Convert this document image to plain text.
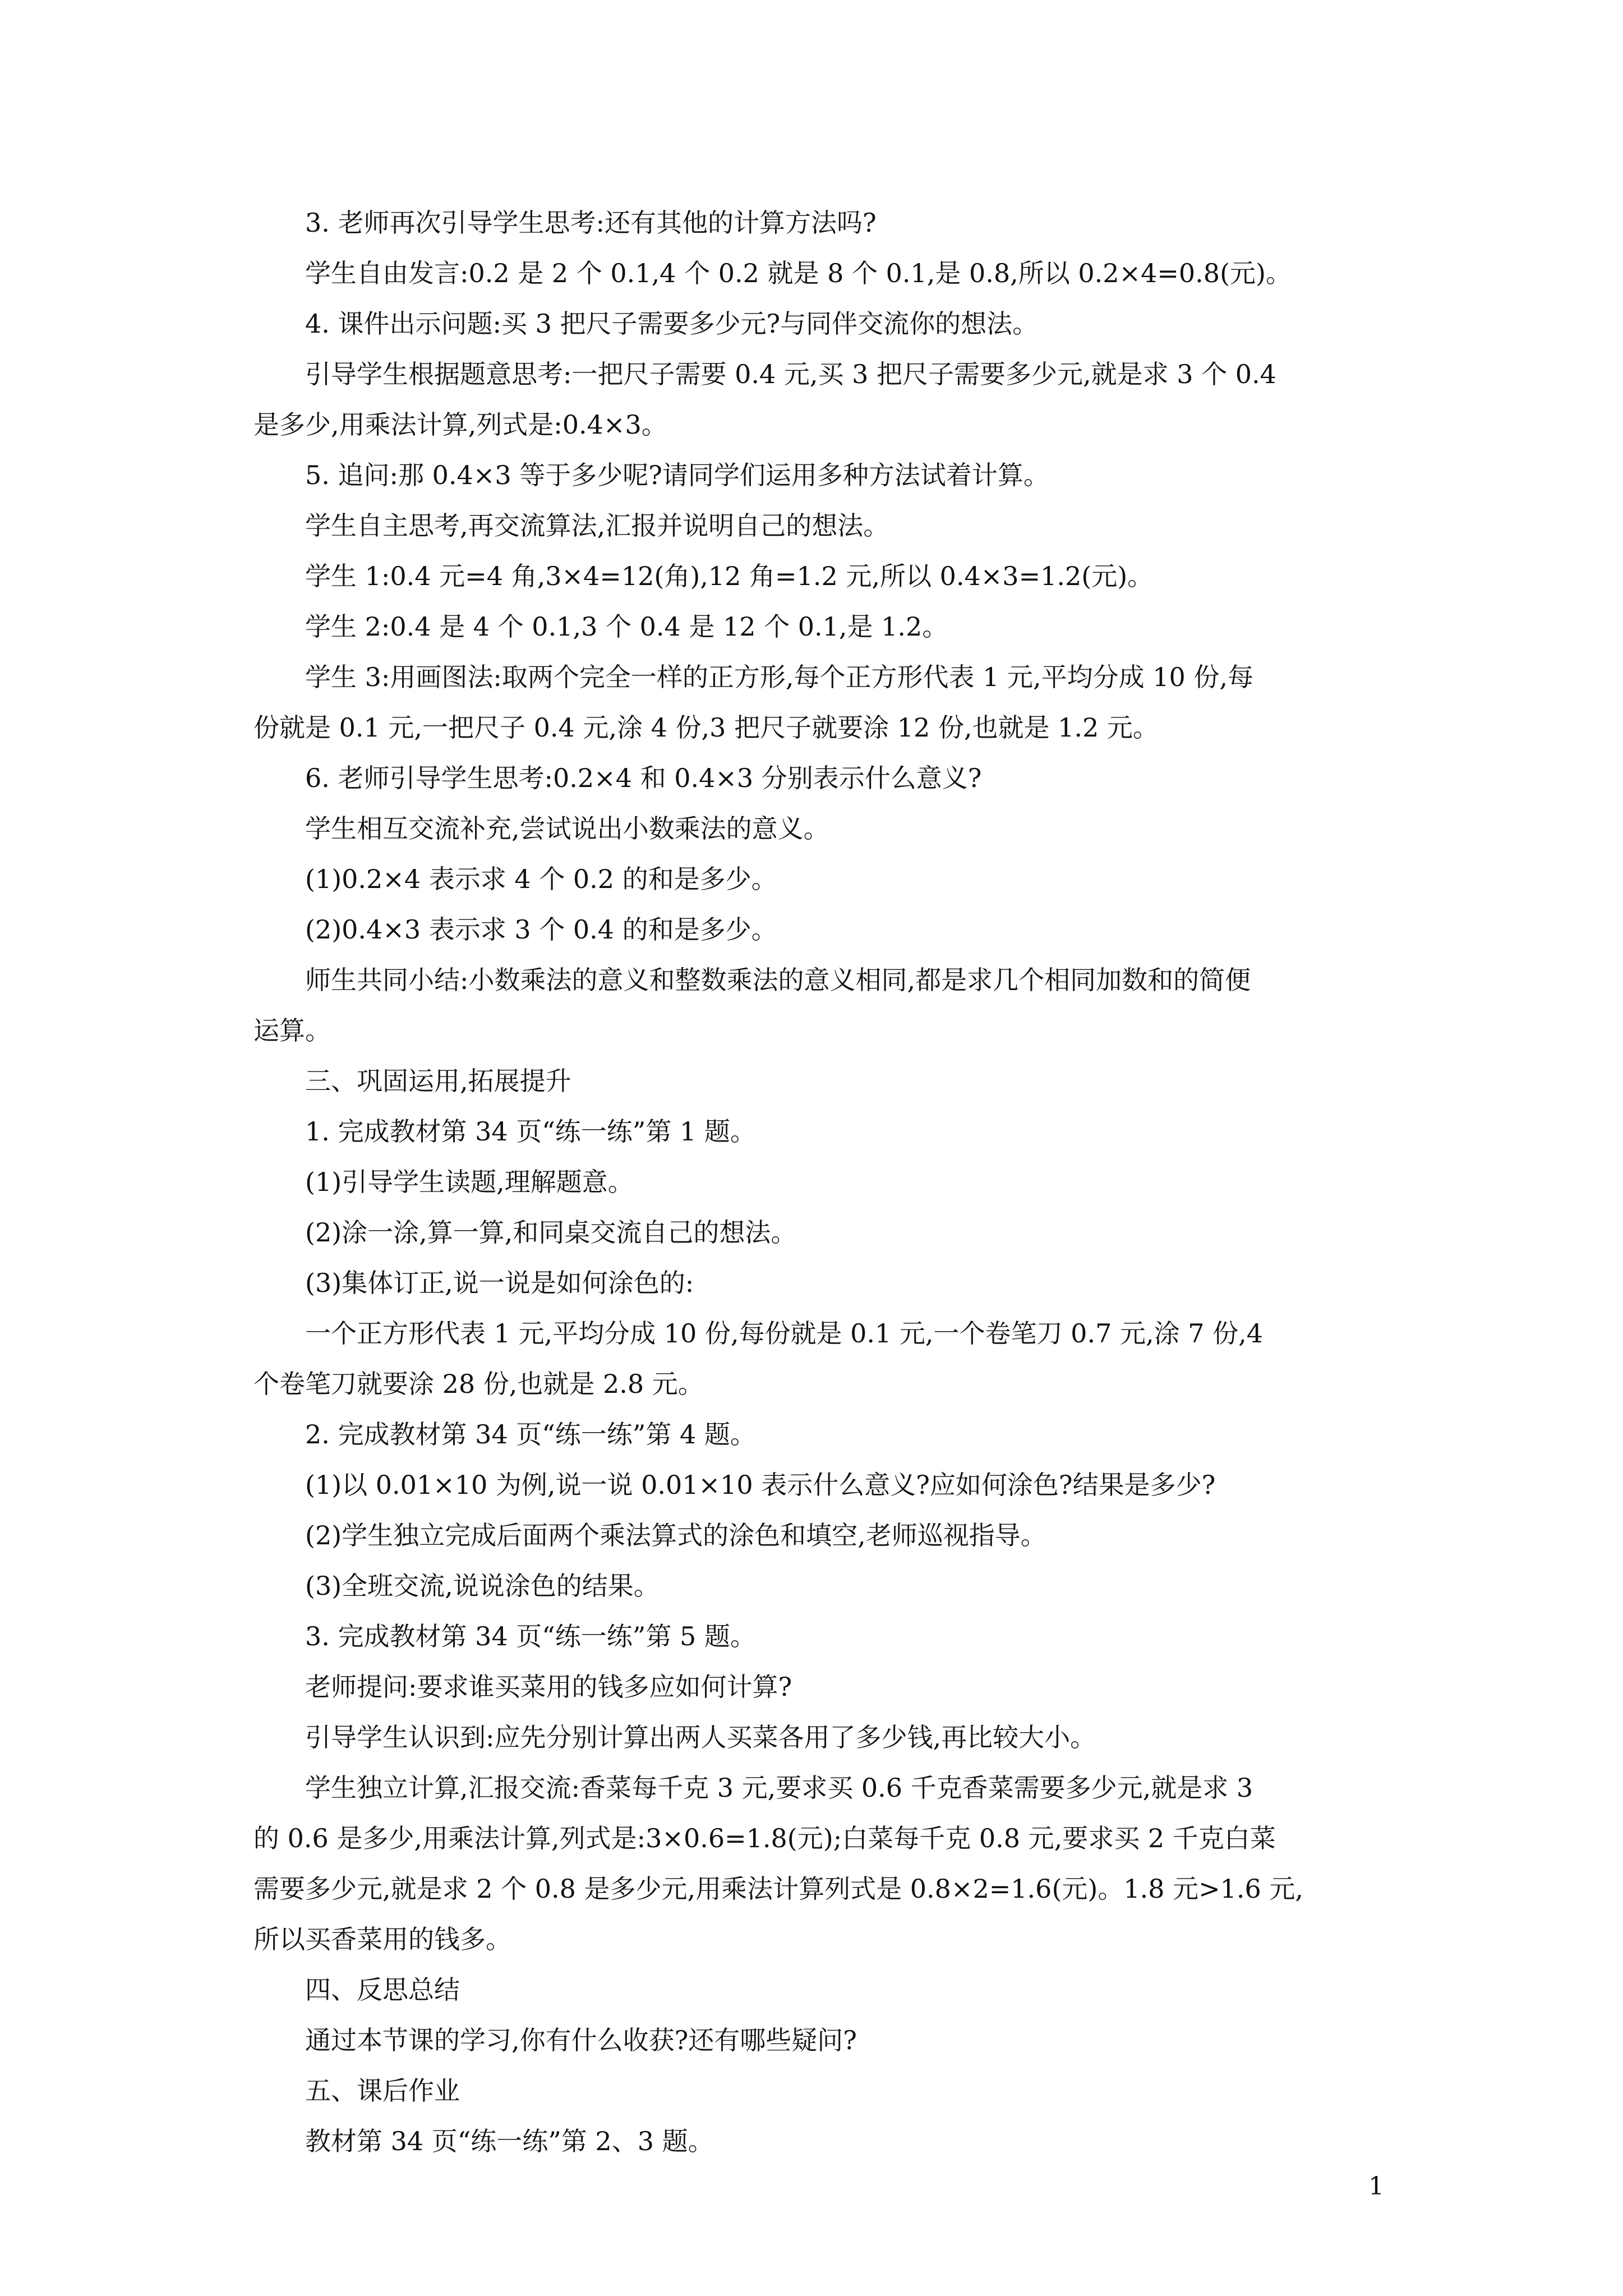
3. 老师再次引导学生思考:还有其他的计算方法吗?
学生自由发言:0.2 是 2 个 0.1,4 个 0.2 就是 8 个 0.1,是 0.8,所以 0.2×4=0.8(元)。
4. 课件出示问题:买 3 把尺子需要多少元?与同伴交流你的想法。
引导学生根据题意思考:一把尺子需要 0.4 元,买 3 把尺子需要多少元,就是求 3 个 0.4
是多少,用乘法计算,列式是:0.4×3。
5. 追问:那 0.4×3 等于多少呢?请同学们运用多种方法试着计算。
学生自主思考,再交流算法,汇报并说明自己的想法。
学生 1:0.4 元=4 角,3×4=12(角),12 角=1.2 元,所以 0.4×3=1.2(元)。
学生 2:0.4 是 4 个 0.1,3 个 0.4 是 12 个 0.1,是 1.2。
学生 3:用画图法:取两个完全一样的正方形,每个正方形代表 1 元,平均分成 10 份,每
份就是 0.1 元,一把尺子 0.4 元,涂 4 份,3 把尺子就要涂 12 份,也就是 1.2 元。
6. 老师引导学生思考:0.2×4 和 0.4×3 分别表示什么意义?
学生相互交流补充,尝试说出小数乘法的意义。
(1)0.2×4 表示求 4 个 0.2 的和是多少。
(2)0.4×3 表示求 3 个 0.4 的和是多少。
师生共同小结:小数乘法的意义和整数乘法的意义相同,都是求几个相同加数和的简便
运算。
三、巩固运用,拓展提升
1. 完成教材第 34 页“练一练”第 1 题。
(1)引导学生读题,理解题意。
(2)涂一涂,算一算,和同桌交流自己的想法。
(3)集体订正,说一说是如何涂色的:
一个正方形代表 1 元,平均分成 10 份,每份就是 0.1 元,一个卷笔刀 0.7 元,涂 7 份,4
个卷笔刀就要涂 28 份,也就是 2.8 元。
2. 完成教材第 34 页“练一练”第 4 题。
(1)以 0.01×10 为例,说一说 0.01×10 表示什么意义?应如何涂色?结果是多少?
(2)学生独立完成后面两个乘法算式的涂色和填空,老师巡视指导。
(3)全班交流,说说涂色的结果。
3. 完成教材第 34 页“练一练”第 5 题。
老师提问:要求谁买菜用的钱多应如何计算?
引导学生认识到:应先分别计算出两人买菜各用了多少钱,再比较大小。
学生独立计算,汇报交流:香菜每千克 3 元,要求买 0.6 千克香菜需要多少元,就是求 3
的 0.6 是多少,用乘法计算,列式是:3×0.6=1.8(元);白菜每千克 0.8 元,要求买 2 千克白菜
需要多少元,就是求 2 个 0.8 是多少元,用乘法计算列式是 0.8×2=1.6(元)。1.8 元>1.6 元,
所以买香菜用的钱多。
四、反思总结
通过本节课的学习,你有什么收获?还有哪些疑问?
五、课后作业
教材第 34 页“练一练”第 2、3 题。
1
